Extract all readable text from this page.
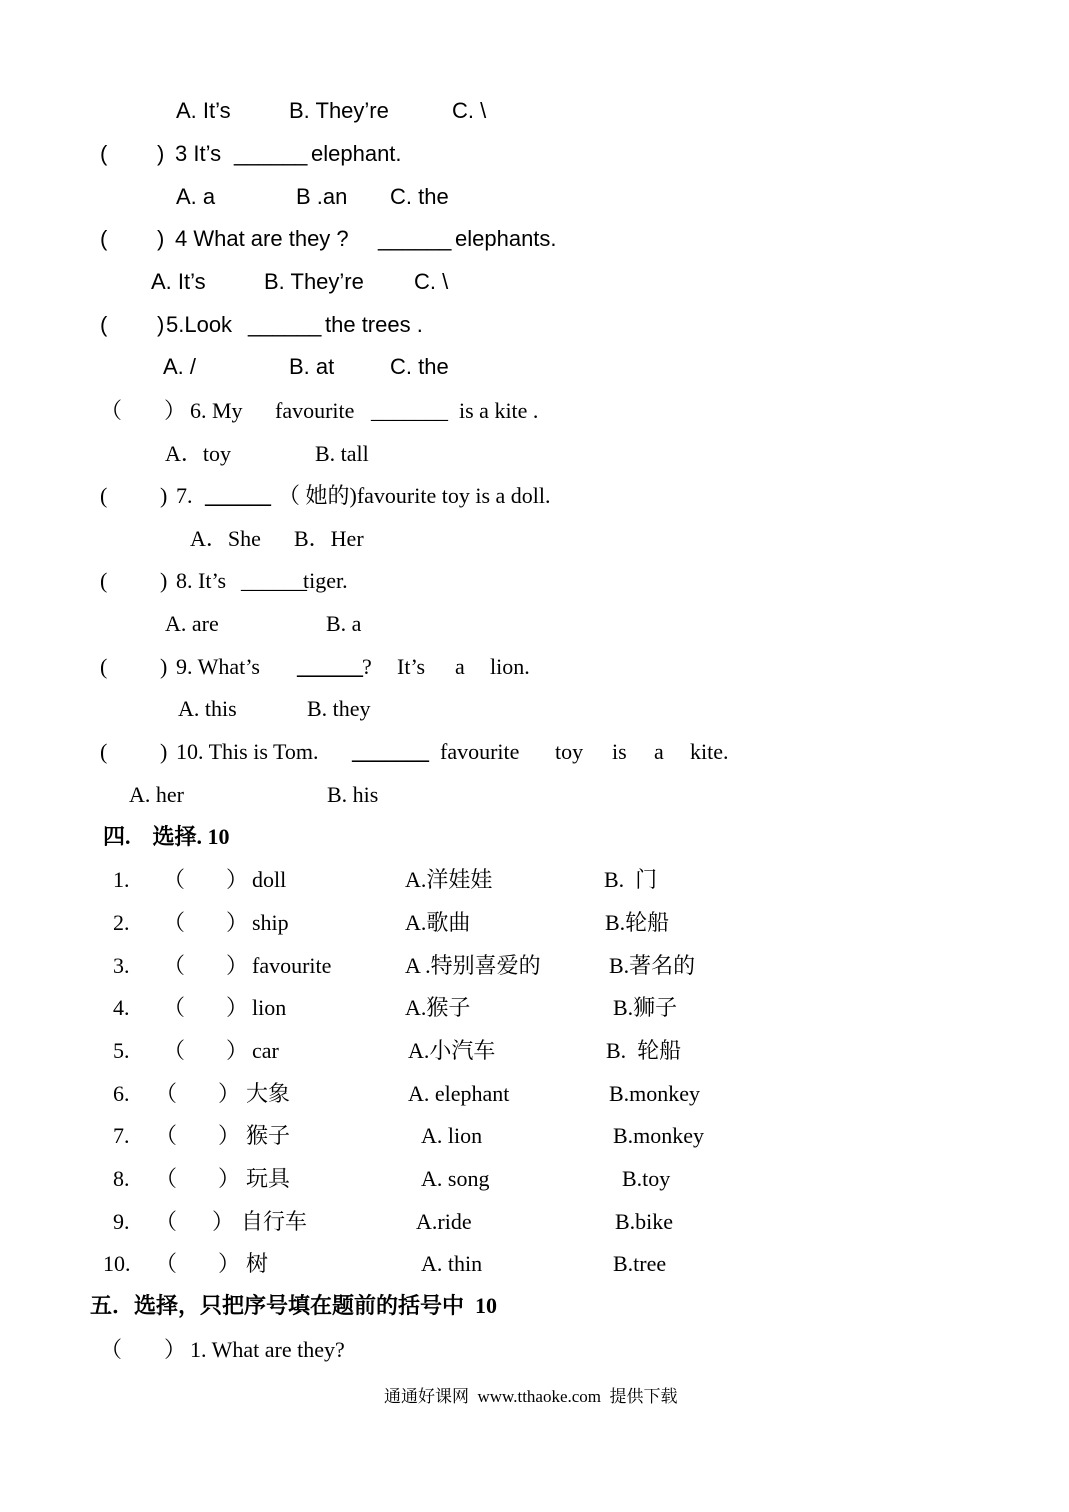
A. It’s	B. They’re	C. \
( ) 3 It’s ______ elephant.
A. a	B .an C. the
( ) 4 What are they ? ______ elephants.
A. It’s	B. They’re C. \
( ) 5.Look ______ the trees .
A. /	B. at	C. the
（ ） 6. My favourite _______ is a kite .
A．toy	B. tall
( ) 7. ______ （ 她的)favourite toy is a doll.
A．She B．Her
( ) 8. It’s ______
tiger.
A. are	B. a
( ) 9. What’s ______ ? It’s a lion.
A. this	B. they
( ) 10. This is Tom. _______ favourite toy is a kite.
A. her	B. his
四.　选择. 10
1. （ ） doll	A.洋娃娃	B.  门
2. （ ） ship	A.歌曲	B.轮船
3. （ ） favourite	A .特别喜爱的	B.著名的
4. （ ） lion	A.猴子	B.狮子
5. （ ） car	A.小汽车	B.  轮船
6. （ ） 大象	A. elephant	B.monkey
7. （ ） 猴子	A. lion	B.monkey
8. （ ） 玩具	A. song	B.toy
9. （ ） 自行车	A.ride	B.bike
10. （ ） 树	A. thin	B.tree
五．选择，只把序号填在题前的括号中  10
（ ） 1. What are they?
通通好课网  www.tthaoke.com  提供下载
